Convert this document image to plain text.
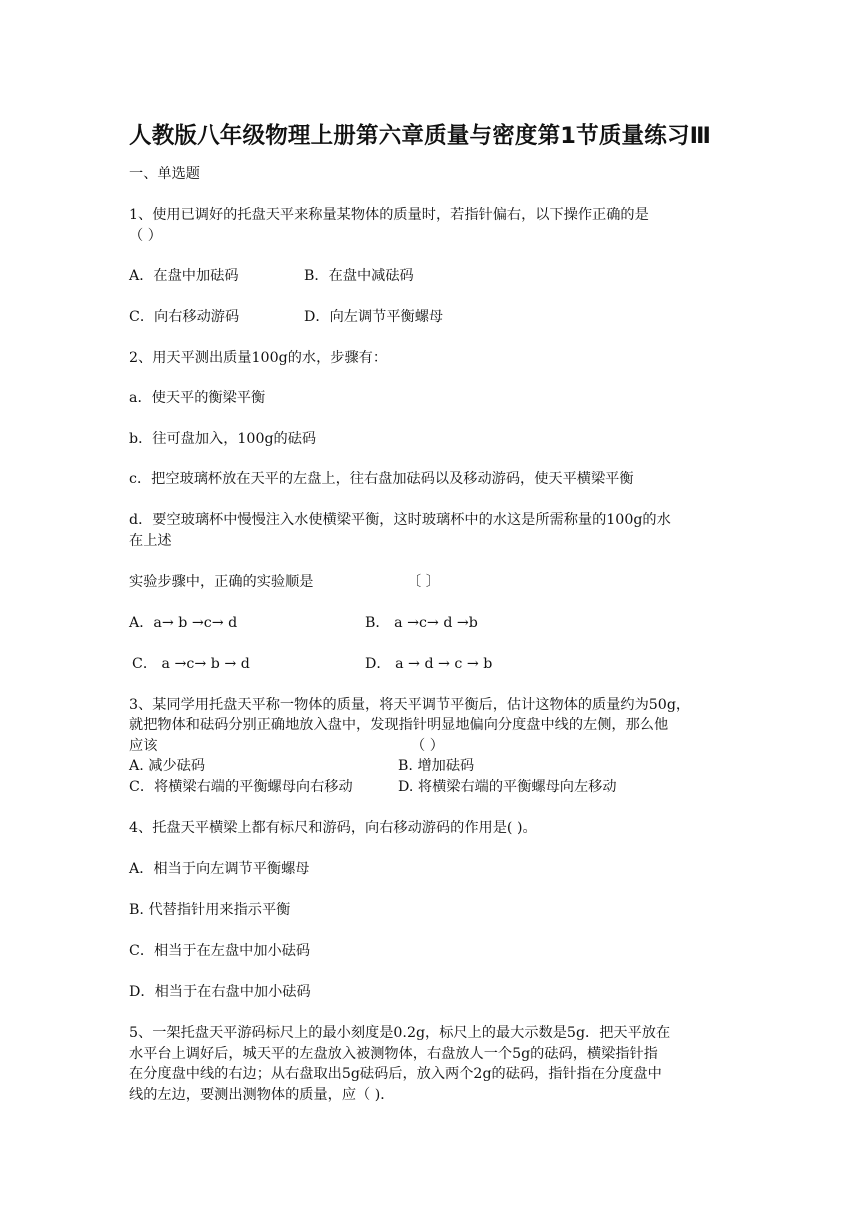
人教版八年级物理上册第六章质量与密度第1节质量练习Ⅲ
一、单选题
1、使用已调好的托盘天平来称量某物体的质量时，若指针偏右，以下操作正确的是
（ ）
A．在盘中加砝码	B．在盘中减砝码
C．向右移动游码	D．向左调节平衡螺母
2、用天平测出质量100g的水，步骤有：
a．使天平的衡梁平衡
b．往可盘加入，100g的砝码
c．把空玻璃杯放在天平的左盘上，往右盘加砝码以及移动游码，使天平横梁平衡
d．要空玻璃杯中慢慢注入水使横梁平衡，这时玻璃杯中的水这是所需称量的100g的水
在上述
实验步骤中，正确的实验顺是	〔 〕
A．a→ b →c→ d	B． a →c→ d →b
C． a →c→ b → d	D． a → d → c → b
3、某同学用托盘天平称一物体的质量，将天平调节平衡后，估计这物体的质量约为50g，
就把物体和砝码分别正确地放入盘中，发现指针明显地偏向分度盘中线的左侧，那么他
应该	（ ）
A. 减少砝码	B. 增加砝码
C．将横梁右端的平衡螺母向右移动	D. 将横梁右端的平衡螺母向左移动
4、托盘天平横梁上都有标尺和游码，向右移动游码的作用是( )。
A．相当于向左调节平衡螺母
B. 代替指针用来指示平衡
C．相当于在左盘中加小砝码
D．相当于在右盘中加小砝码
5、一架托盘天平游码标尺上的最小刻度是0.2g，标尺上的最大示数是5g．把天平放在
水平台上调好后，城天平的左盘放入被测物体，右盘放人一个5g的砝码，横梁指针指
在分度盘中线的右边；从右盘取出5g砝码后，放入两个2g的砝码，指针指在分度盘中
线的左边，要测出测物体的质量，应（ )．
